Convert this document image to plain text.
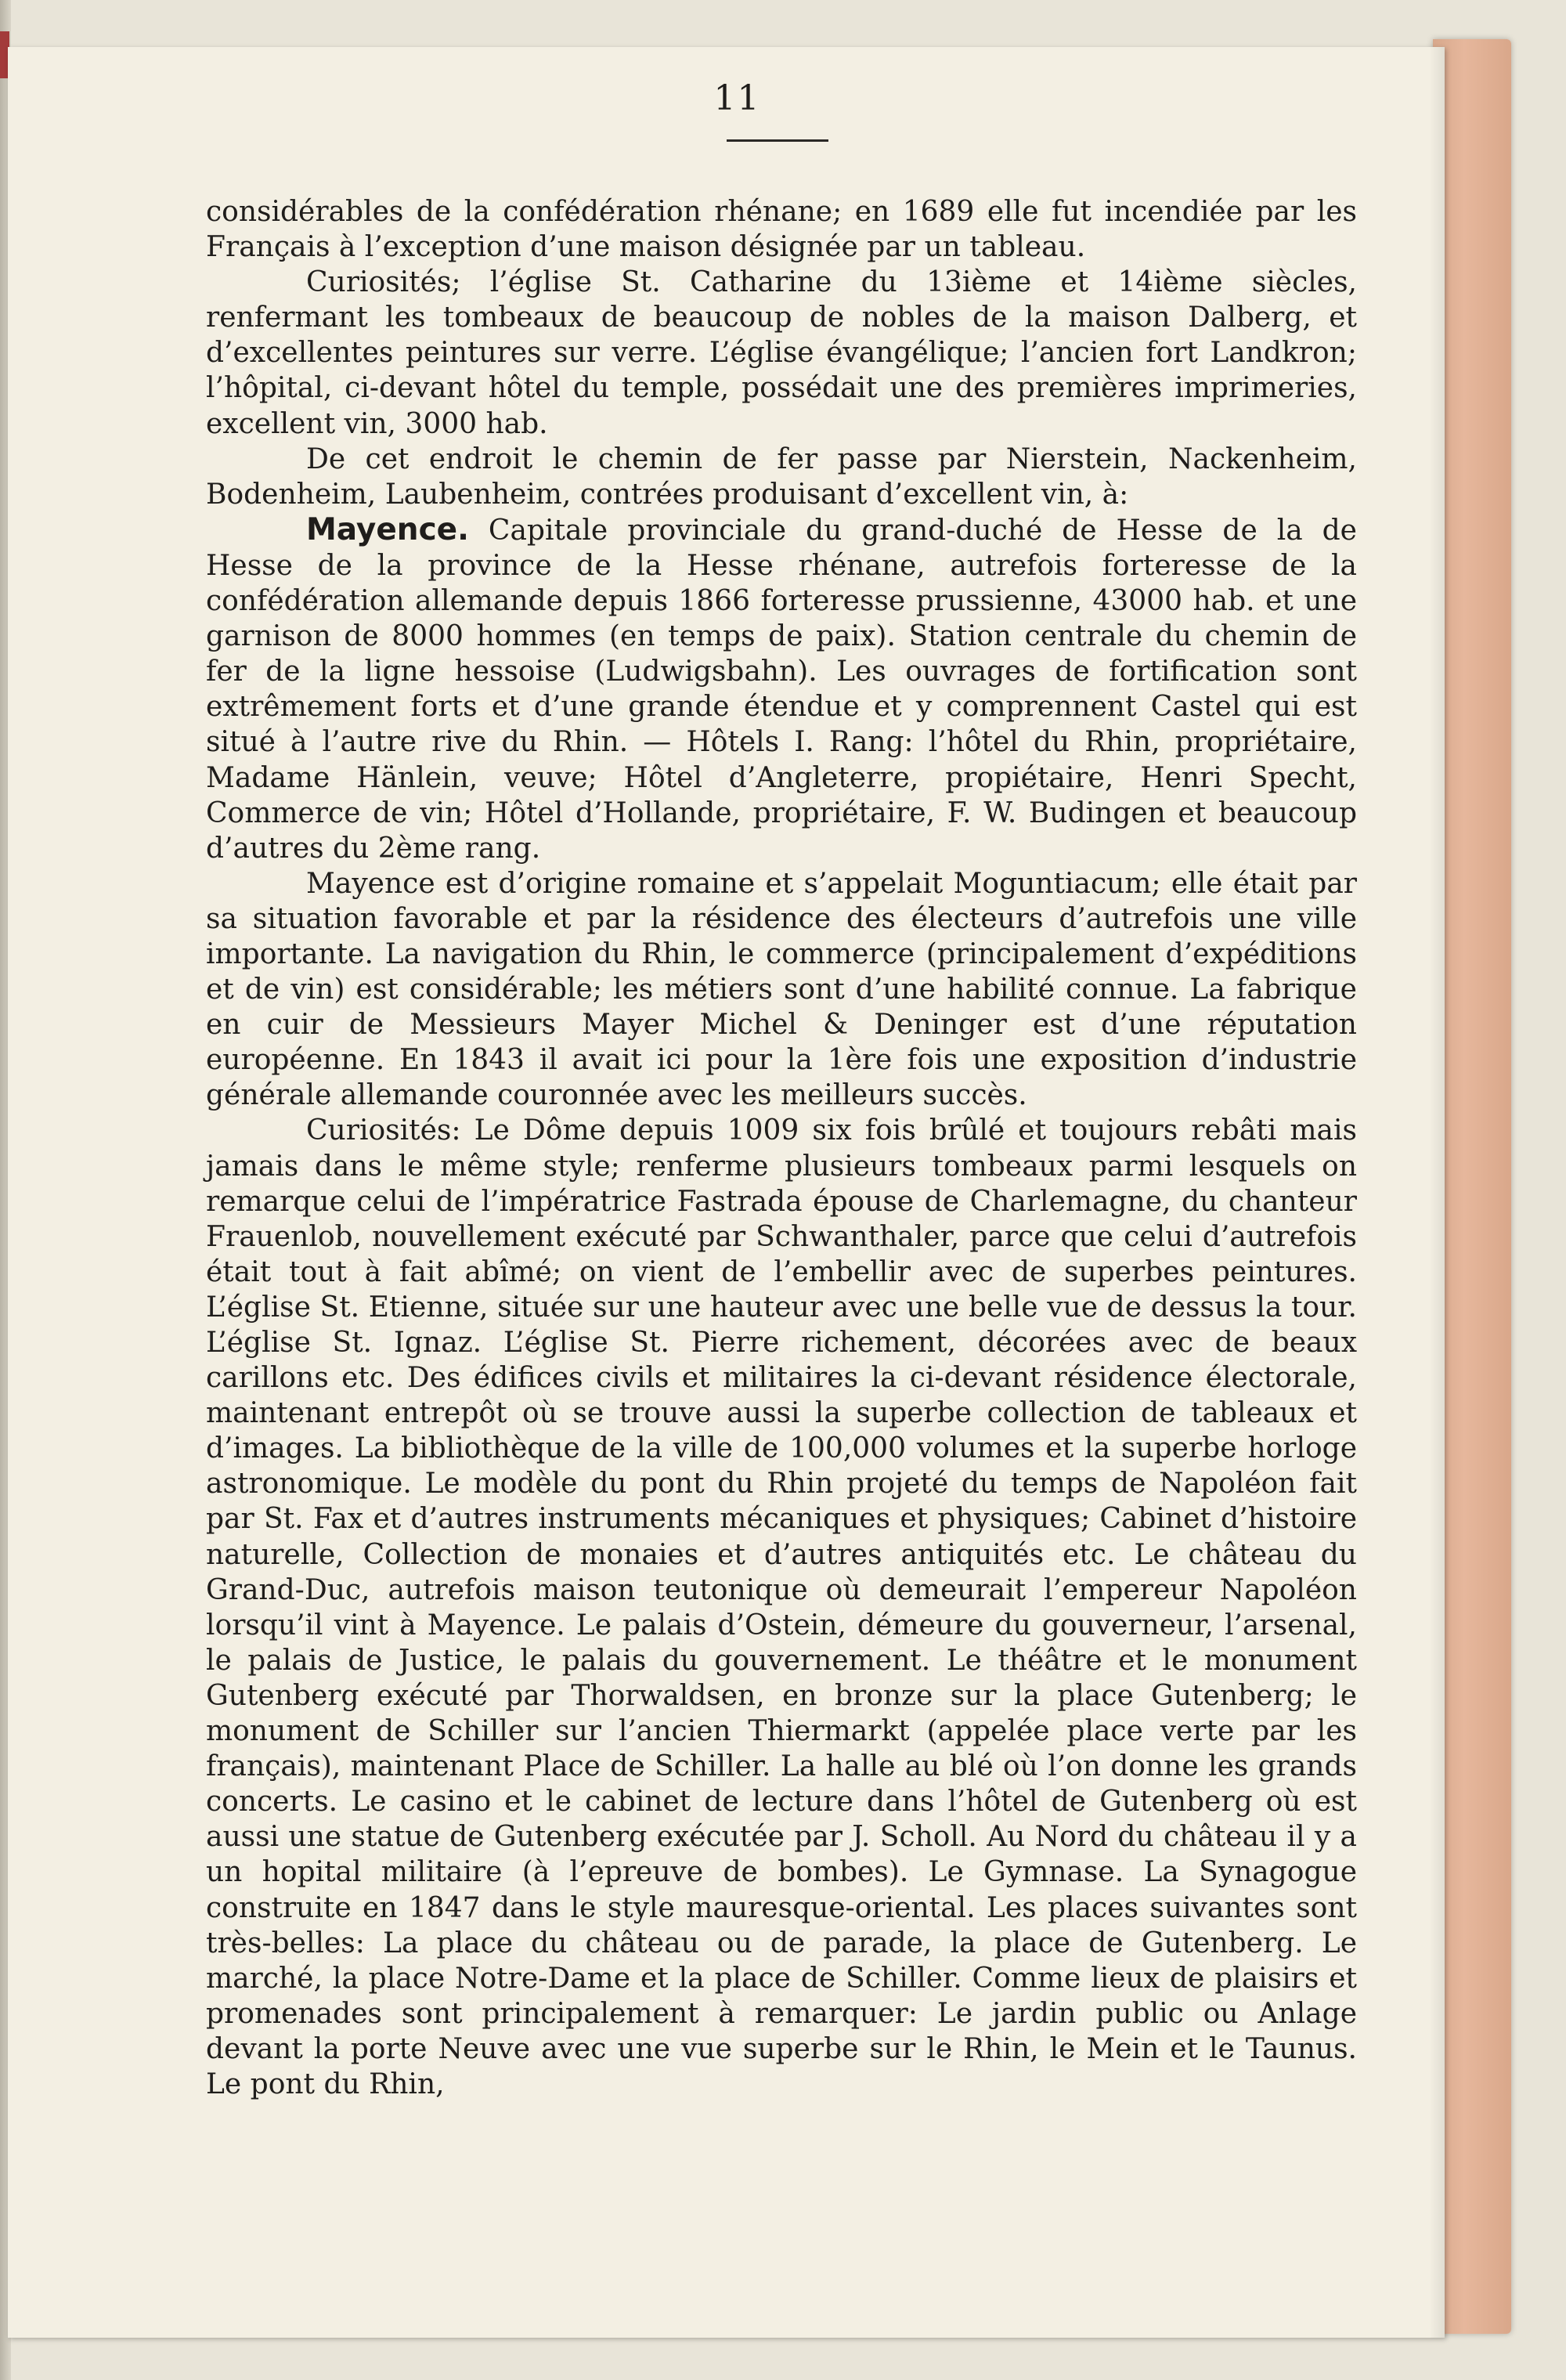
11

considérables de la confédération rhénane; en 1689 elle fut incendiée par les Français à l’exception d’une maison désignée par un tableau.

Curiosités; l’église St. Catharine du 13ième et 14ième siècles, renfermant les tombeaux de beaucoup de nobles de la maison Dalberg, et d’excellentes peintures sur verre. L’église évangélique; l’ancien fort Landkron; l’hôpital, ci-devant hôtel du temple, possédait une des premières imprimeries, excellent vin, 3000 hab.

De cet endroit le chemin de fer passe par Nierstein, Nackenheim, Bodenheim, Laubenheim, contrées produisant d’excellent vin, à:

Mayence. Capitale provinciale du grand-duché de Hesse de la de Hesse de la province de la Hesse rhénane, autrefois forteresse de la confédération allemande depuis 1866 forteresse prussienne, 43000 hab. et une garnison de 8000 hommes (en temps de paix). Station centrale du chemin de fer de la ligne hessoise (Ludwigsbahn). Les ouvrages de fortification sont extrêmement forts et d’une grande étendue et y comprennent Castel qui est situé à l’autre rive du Rhin. — Hôtels I. Rang: l’hôtel du Rhin, propriétaire, Madame Hänlein, veuve; Hôtel d’Angleterre, propiétaire, Henri Specht, Commerce de vin; Hôtel d’Hollande, propriétaire, F. W. Budingen et beaucoup d’autres du 2ème rang.

Mayence est d’origine romaine et s’appelait Moguntiacum; elle était par sa situation favorable et par la résidence des électeurs d’autrefois une ville importante. La navigation du Rhin, le commerce (principalement d’expéditions et de vin) est considérable; les métiers sont d’une habilité connue. La fabrique en cuir de Messieurs Mayer Michel & Deninger est d’une réputation européenne. En 1843 il avait ici pour la 1ère fois une exposition d’industrie générale allemande couronnée avec les meilleurs succès.

Curiosités: Le Dôme depuis 1009 six fois brûlé et toujours rebâti mais jamais dans le même style; renferme plusieurs tombeaux parmi lesquels on remarque celui de l’impératrice Fastrada épouse de Charlemagne, du chanteur Frauenlob, nouvellement exécuté par Schwanthaler, parce que celui d’autrefois était tout à fait abîmé; on vient de l’embellir avec de superbes peintures. L’église St. Etienne, située sur une hauteur avec une belle vue de dessus la tour. L’église St. Ignaz. L’église St. Pierre richement, décorées avec de beaux carillons etc. Des édifices civils et militaires la ci-devant résidence électorale, maintenant entrepôt où se trouve aussi la superbe collection de tableaux et d’images. La bibliothèque de la ville de 100,000 volumes et la superbe horloge astronomique. Le modèle du pont du Rhin projeté du temps de Napoléon fait par St. Fax et d’autres instruments mécaniques et physiques; Cabinet d’histoire naturelle, Collection de monaies et d’autres antiquités etc. Le château du Grand-Duc, autrefois maison teutonique où demeurait l’empereur Napoléon lorsqu’il vint à Mayence. Le palais d’Ostein, démeure du gouverneur, l’arsenal, le palais de Justice, le palais du gouvernement. Le théâtre et le monument Gutenberg exécuté par Thorwaldsen, en bronze sur la place Gutenberg; le monument de Schiller sur l’ancien Thiermarkt (appelée place verte par les français), maintenant Place de Schiller. La halle au blé où l’on donne les grands concerts. Le casino et le cabinet de lecture dans l’hôtel de Gutenberg où est aussi une statue de Gutenberg exécutée par J. Scholl. Au Nord du château il y a un hopital militaire (à l’epreuve de bombes). Le Gymnase. La Synagogue construite en 1847 dans le style mauresque-oriental. Les places suivantes sont très-belles: La place du château ou de parade, la place de Gutenberg. Le marché, la place Notre-Dame et la place de Schiller. Comme lieux de plaisirs et promenades sont principalement à remarquer: Le jardin public ou Anlage devant la porte Neuve avec une vue superbe sur le Rhin, le Mein et le Taunus. Le pont du Rhin,
